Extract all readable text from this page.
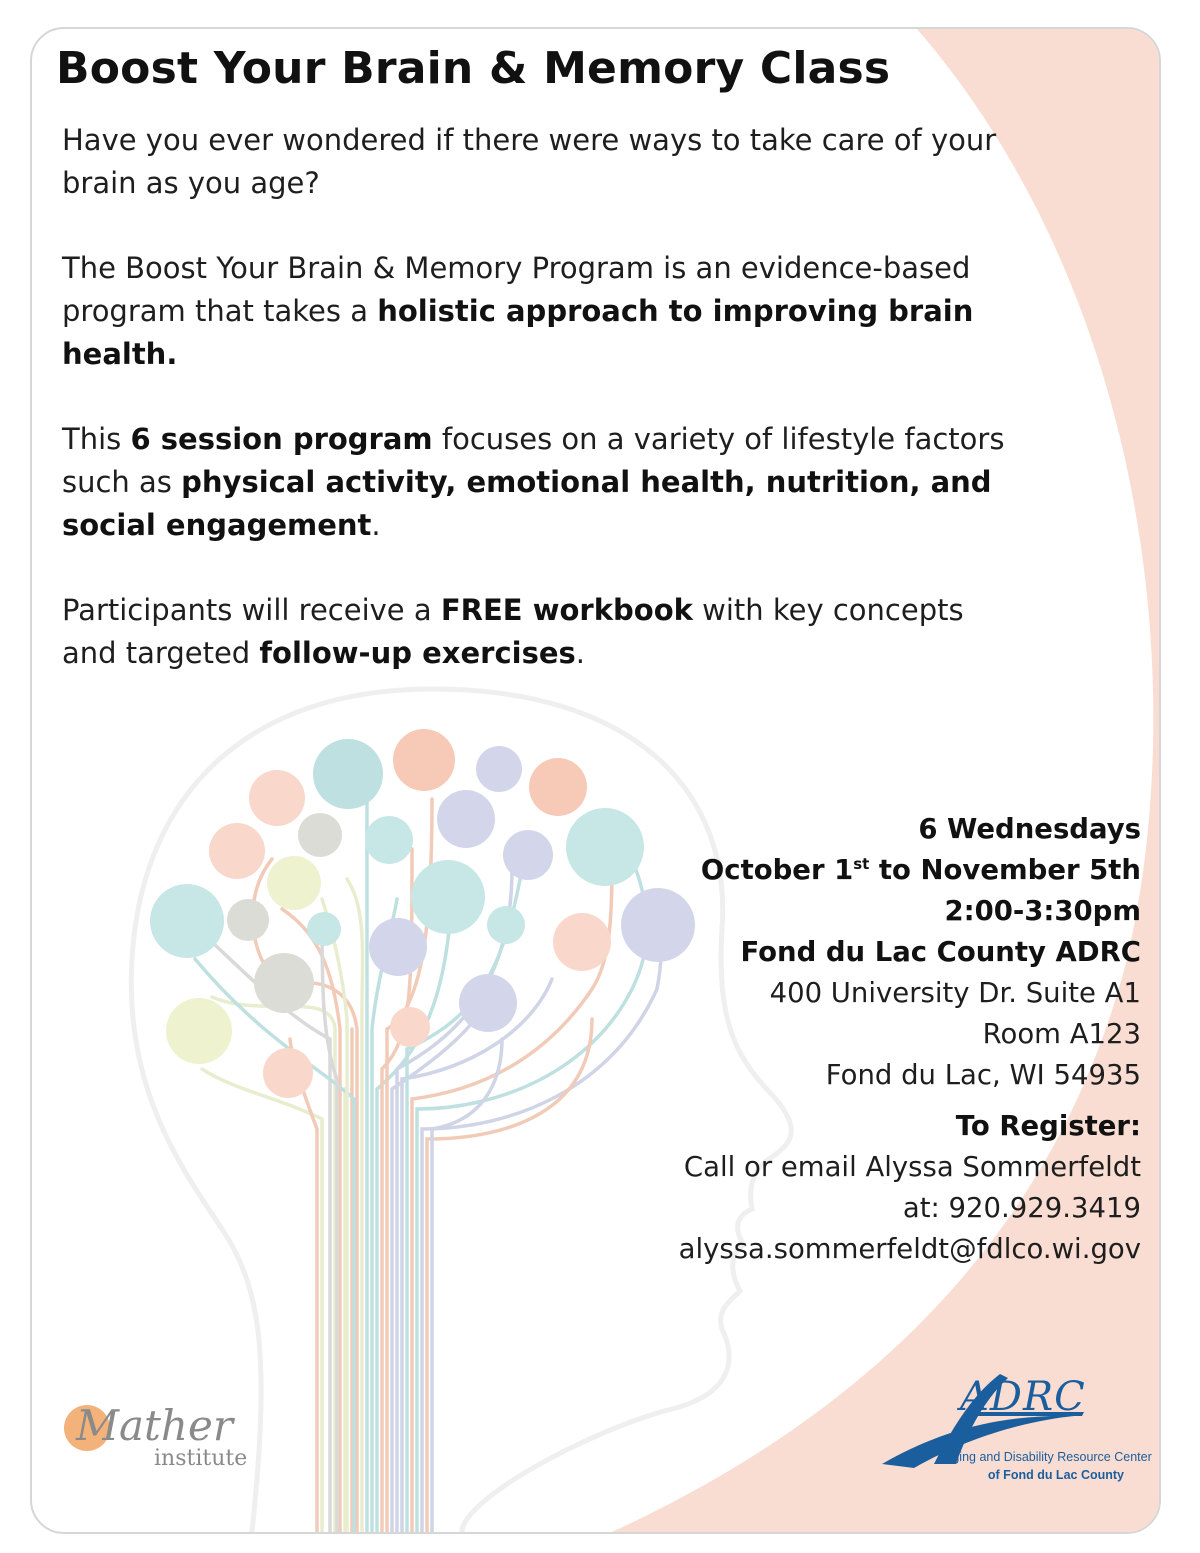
Boost Your Brain & Memory Class

Have you ever wondered if there were ways to take care of your brain as you age?

The Boost Your Brain & Memory Program is an evidence-based program that takes a holistic approach to improving brain health.

This 6 session program focuses on a variety of lifestyle factors such as physical activity, emotional health, nutrition, and social engagement.

Participants will receive a FREE workbook with key concepts and targeted follow-up exercises.

6 Wednesdays
October 1st to November 5th
2:00-3:30pm
Fond du Lac County ADRC
400 University Dr. Suite A1
Room A123
Fond du Lac, WI 54935
To Register:
Call or email Alyssa Sommerfeldt
at: 920.929.3419
alyssa.sommerfeldt@fdlco.wi.gov
Mather
institute
ADRC
Aging and Disability Resource Center
of Fond du Lac County
